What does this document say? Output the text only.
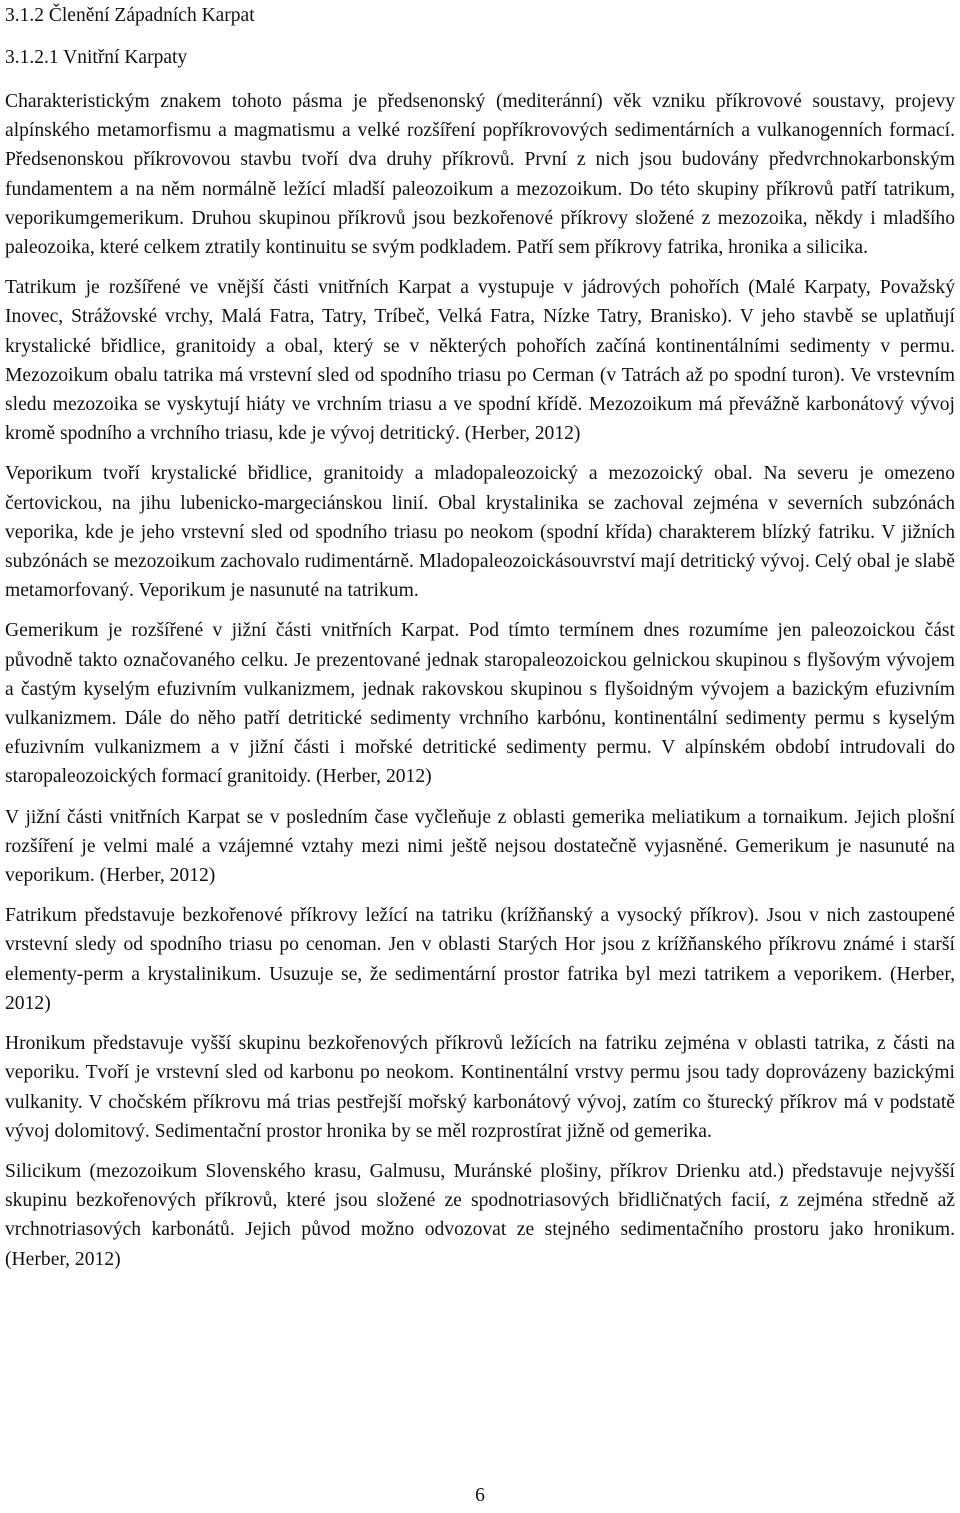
3.1.2 Členění Západních Karpat
3.1.2.1 Vnitřní Karpaty

Charakteristickým znakem tohoto pásma je předsenonský (mediteránní) věk vzniku příkrovové soustavy, projevy alpínského metamorfismu a magmatismu a velké rozšíření popříkrovových sedimentárních a vulkanogenních formací. Předsenonskou příkrovovou stavbu tvoří dva druhy příkrovů. První z nich jsou budovány předvrchnokarbonským fundamentem a na něm normálně ležící mladší paleozoikum a mezozoikum. Do této skupiny příkrovů patří tatrikum, veporikumgemerikum. Druhou skupinou příkrovů jsou bezkořenové příkrovy složené z mezozoika, někdy i mladšího paleozoika, které celkem ztratily kontinuitu se svým podkladem. Patří sem příkrovy fatrika, hronika a silicika.

Tatrikum je rozšířené ve vnější části vnitřních Karpat a vystupuje v jádrových pohořích (Malé Karpaty, Považský Inovec, Strážovské vrchy, Malá Fatra, Tatry, Tríbeč, Velká Fatra, Nízke Tatry, Branisko). V jeho stavbě se uplatňují krystalické břidlice, granitoidy a obal, který se v některých pohořích začíná kontinentálními sedimenty v permu. Mezozoikum obalu tatrika má vrstevní sled od spodního triasu po Cerman (v Tatrách až po spodní turon). Ve vrstevním sledu mezozoika se vyskytují hiáty ve vrchním triasu a ve spodní křídě. Mezozoikum má převážně karbonátový vývoj kromě spodního a vrchního triasu, kde je vývoj detritický. (Herber, 2012)

Veporikum tvoří krystalické břidlice, granitoidy a mladopaleozoický a mezozoický obal. Na severu je omezeno čertovickou, na jihu lubenicko-margeciánskou linií. Obal krystalinika se zachoval zejména v severních subzónách veporika, kde je jeho vrstevní sled od spodního triasu po neokom (spodní křída) charakterem blízký fatriku. V jižních subzónách se mezozoikum zachovalo rudimentárně. Mladopaleozoickásouvrství mají detritický vývoj. Celý obal je slabě metamorfovaný. Veporikum je nasunuté na tatrikum.

Gemerikum je rozšířené v jižní části vnitřních Karpat. Pod tímto termínem dnes rozumíme jen paleozoickou část původně takto označovaného celku. Je prezentované jednak staropaleozoickou gelnickou skupinou s flyšovým vývojem a častým kyselým efuzivním vulkanizmem, jednak rakovskou skupinou s flyšoidným vývojem a bazickým efuzivním vulkanizmem. Dále do něho patří detritické sedimenty vrchního karbónu, kontinentální sedimenty permu s kyselým efuzivním vulkanizmem a v jižní části i mořské detritické sedimenty permu. V alpínském období intrudovali do staropaleozoických formací granitoidy. (Herber, 2012)

V jižní části vnitřních Karpat se v posledním čase vyčleňuje z oblasti gemerika meliatikum a tornaikum. Jejich plošní rozšíření je velmi malé a vzájemné vztahy mezi nimi ještě nejsou dostatečně vyjasněné. Gemerikum je nasunuté na veporikum. (Herber, 2012)

Fatrikum představuje bezkořenové příkrovy ležící na tatriku (krížňanský a vysocký příkrov). Jsou v nich zastoupené vrstevní sledy od spodního triasu po cenoman. Jen v oblasti Starých Hor jsou z krížňanského příkrovu známé i starší elementy-perm a krystalinikum. Usuzuje se, že sedimentární prostor fatrika byl mezi tatrikem a veporikem. (Herber, 2012)

Hronikum představuje vyšší skupinu bezkořenových příkrovů ležících na fatriku zejména v oblasti tatrika, z části na veporiku. Tvoří je vrstevní sled od karbonu po neokom. Kontinentální vrstvy permu jsou tady doprovázeny bazickými vulkanity. V chočském příkrovu má trias pestřejší mořský karbonátový vývoj, zatím co šturecký příkrov má v podstatě vývoj dolomitový. Sedimentační prostor hronika by se měl rozprostírat jižně od gemerika.

Silicikum (mezozoikum Slovenského krasu, Galmusu, Muránské plošiny, příkrov Drienku atd.) představuje nejvyšší skupinu bezkořenových příkrovů, které jsou složené ze spodnotriasových břidličnatých facií, z zejména středně až vrchnotriasových karbonátů. Jejich původ možno odvozovat ze stejného sedimentačního prostoru jako hronikum. (Herber, 2012)

6
